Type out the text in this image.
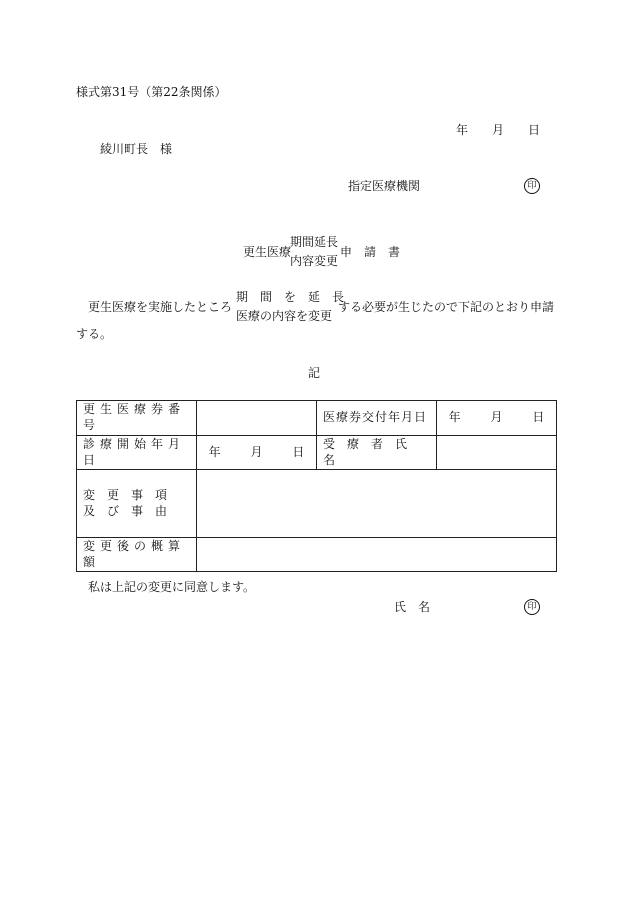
様式第31号（第22条関係）
年 月 日
綾川町長　様
指定医療機関	印
更生医療
期間延長
内容変更
申　請　書
更生医療を実施したところ
期　間　を　延　長
医療の内容を変更
する必要が生じたので下記のとおり申請
する。
記
更生医療券番号		医療券交付年月日	年 月 日
診療開始年月日	年 月 日	受　療　者　氏　名	

変　更　事　項
及　び　事　由			

変更後の概算額			
私は上記の変更に同意します。
氏　名	印
